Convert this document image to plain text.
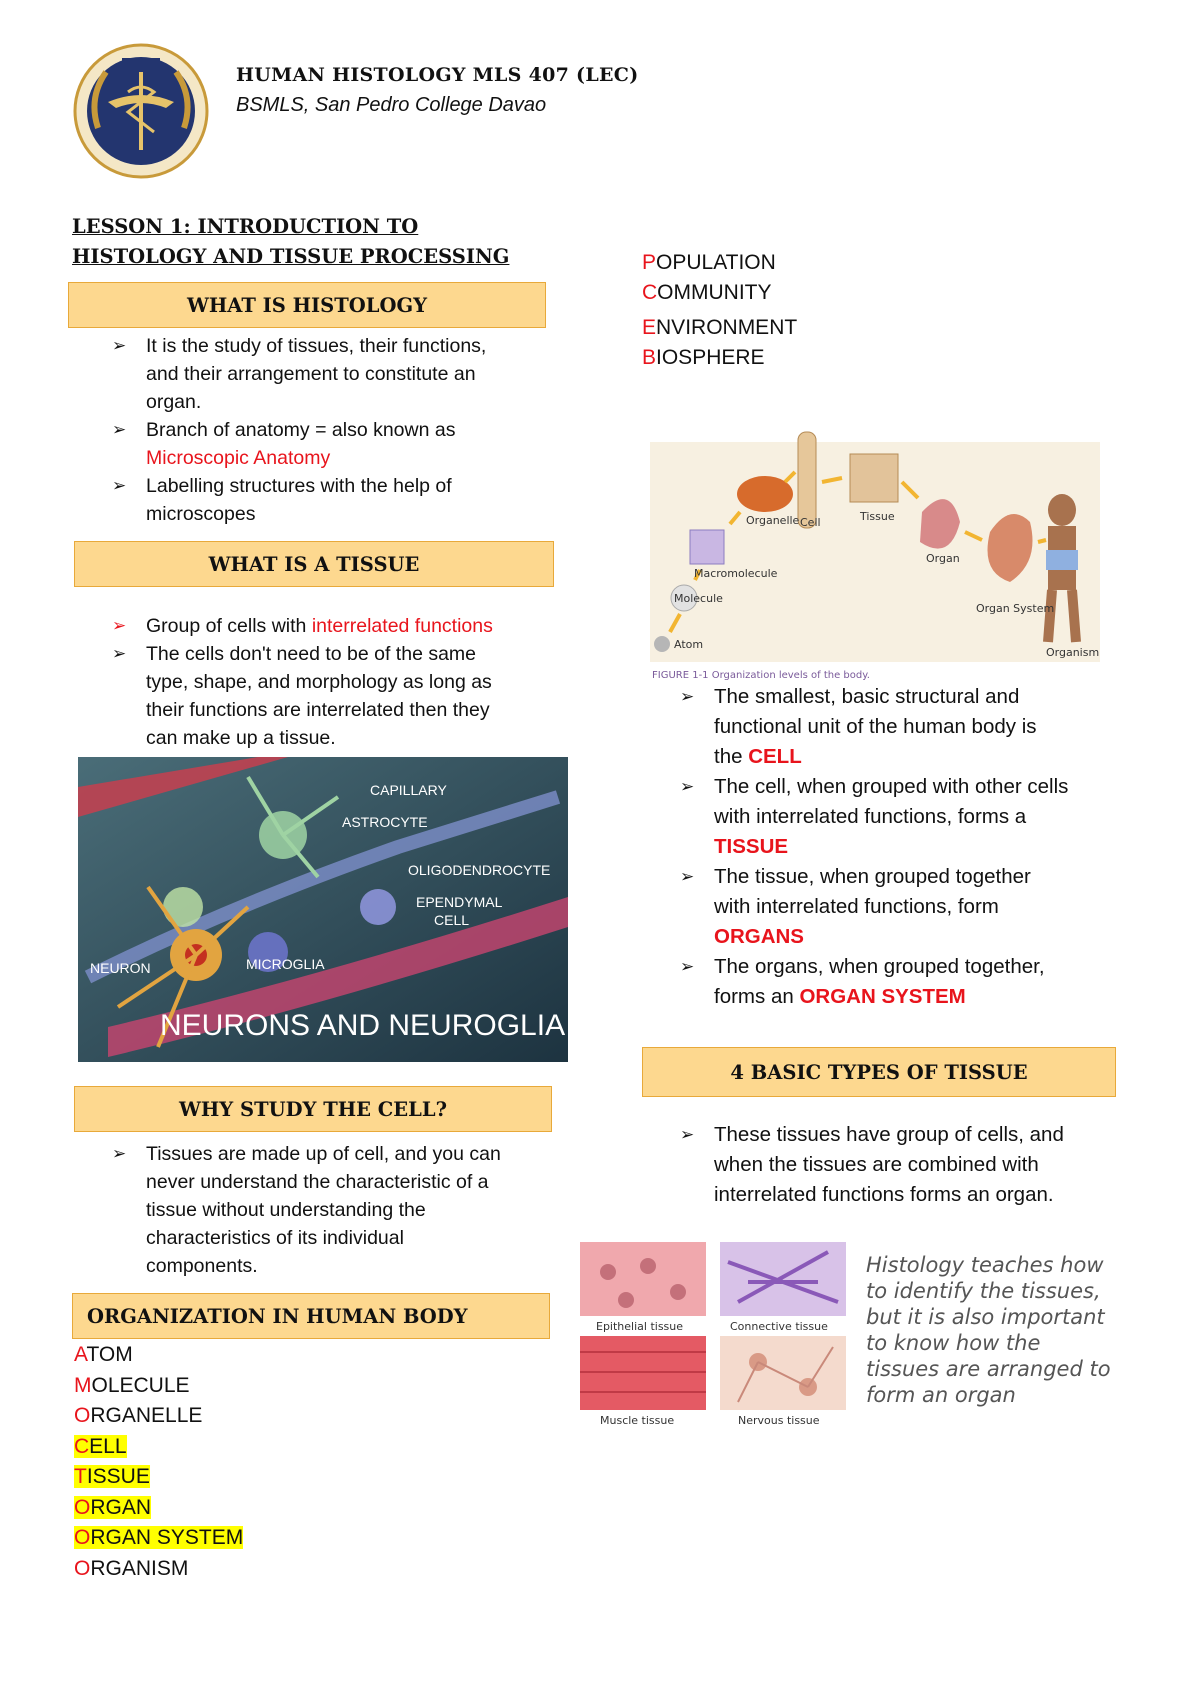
HUMAN HISTOLOGY MLS 407 (LEC)
BSMLS, San Pedro College Davao
LESSON 1: INTRODUCTION TO
HISTOLOGY AND TISSUE PROCESSING
WHAT IS HISTOLOGY
➢ It is the study of tissues, their functions,
and their arrangement to constitute an
organ.
➢ Branch of anatomy = also known as
Microscopic Anatomy
➢ Labelling structures with the help of
microscopes
WHAT IS A TISSUE
➢ Group of cells with interrelated functions
➢ The cells don't need to be of the same
type, shape, and morphology as long as
their functions are interrelated then they
can make up a tissue.
CAPILLARY
ASTROCYTE
OLIGODENDROCYTE
EPENDYMAL
CELL
NEURON	MICROGLIA
NEURONS AND NEUROGLIA
WHY STUDY THE CELL?
➢ Tissues are made up of cell, and you can
never understand the characteristic of a
tissue without understanding the
characteristics of its individual
components.
ORGANIZATION IN HUMAN BODY
ATOM
MOLECULE
ORGANELLE
CELL
TISSUE
ORGAN
ORGAN SYSTEM
ORGANISM
POPULATION
COMMUNITY
ENVIRONMENT
BIOSPHERE
Atom
Molecule
Macromolecule
Organelle Cell	Tissue
Organ
Organ System
Organism
FIGURE 1-1 Organization levels of the body.
➢ The smallest, basic structural and
functional unit of the human body is
the CELL
➢ The cell, when grouped with other cells
with interrelated functions, forms a
TISSUE
➢ The tissue, when grouped together
with interrelated functions, form
ORGANS
➢ The organs, when grouped together,
forms an ORGAN SYSTEM
4 BASIC TYPES OF TISSUE
➢ These tissues have group of cells, and
when the tissues are combined with
interrelated functions forms an organ.
Epithelial tissue	Connective tissue
Muscle tissue	Nervous tissue
Histology teaches how
to identify the tissues,
but it is also important
to know how the
tissues are arranged to
form an organ
